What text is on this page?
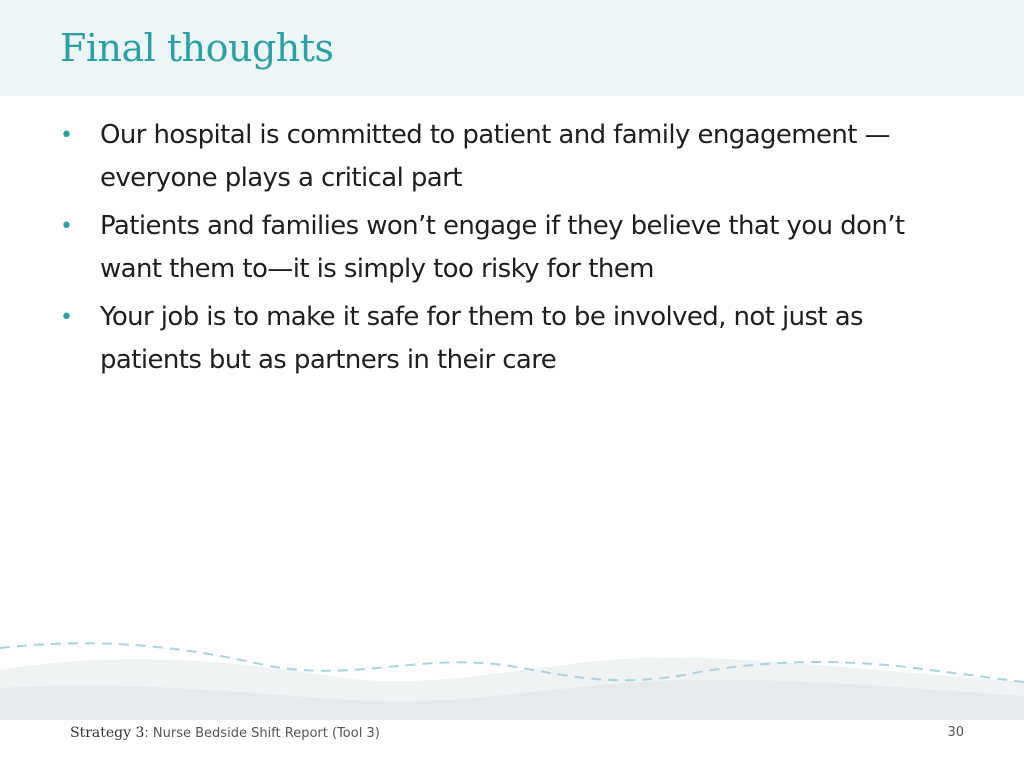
Final thoughts
• Our hospital is committed to patient and family engagement — everyone plays a critical part
• Patients and families won’t engage if they believe that you don’t want them to—it is simply too risky for them
• Your job is to make it safe for them to be involved, not just as patients but as partners in their care
Strategy 3: Nurse Bedside Shift Report (Tool 3)	30
